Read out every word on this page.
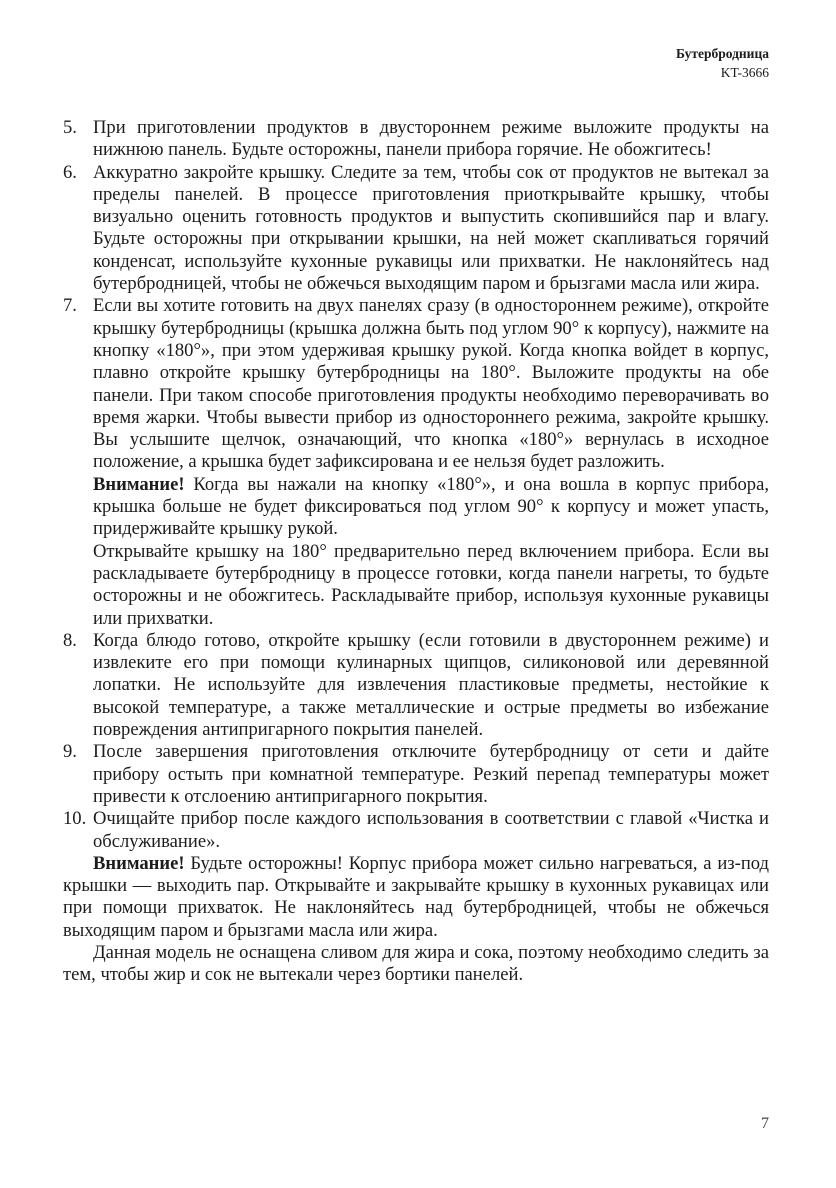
Бутербродница
KT-3666
5. При приготовлении продуктов в двустороннем режиме выложите продукты на нижнюю панель. Будьте осторожны, панели прибора горячие. Не обожгитесь!

6. Аккуратно закройте крышку. Следите за тем, чтобы сок от продуктов не вытекал за пределы панелей. В процессе приготовления приоткрывайте крышку, чтобы визуально оценить готовность продуктов и выпустить скопившийся пар и влагу. Будьте осторожны при открывании крышки, на ней может скапливаться горячий конденсат, используйте кухонные рукавицы или прихватки. Не наклоняйтесь над бутербродницей, чтобы не обжечься выходящим паром и брызгами масла или жира.

7. Если вы хотите готовить на двух панелях сразу (в одностороннем режиме), откройте крышку бутербродницы (крышка должна быть под углом 90° к корпусу), нажмите на кнопку «180°», при этом удерживая крышку рукой. Когда кнопка войдет в корпус, плавно откройте крышку бутербродницы на 180°. Выложите продукты на обе панели. При таком способе приготовления продукты необходимо переворачивать во время жарки. Чтобы вывести прибор из одностороннего режима, закройте крышку. Вы услышите щелчок, означающий, что кнопка «180°» вернулась в исходное положение, а крышка будет зафиксирована и ее нельзя будет разложить.

Внимание! Когда вы нажали на кнопку «180°», и она вошла в корпус прибора, крышка больше не будет фиксироваться под углом 90° к корпусу и может упасть, придерживайте крышку рукой.

Открывайте крышку на 180° предварительно перед включением прибора. Если вы раскладываете бутербродницу в процессе готовки, когда панели нагреты, то будьте осторожны и не обожгитесь. Раскладывайте прибор, используя кухонные рукавицы или прихватки.

8. Когда блюдо готово, откройте крышку (если готовили в двустороннем режиме) и извлеките его при помощи кулинарных щипцов, силиконовой или деревянной лопатки. Не используйте для извлечения пластиковые предметы, нестойкие к высокой температуре, а также металлические и острые предметы во избежание повреждения антипригарного покрытия панелей.

9. После завершения приготовления отключите бутербродницу от сети и дайте прибору остыть при комнатной температуре. Резкий перепад температуры может привести к отслоению антипригарного покрытия.

10. Очищайте прибор после каждого использования в соответствии с главой «Чистка и обслуживание».

Внимание! Будьте осторожны! Корпус прибора может сильно нагреваться, а из-под крышки — выходить пар. Открывайте и закрывайте крышку в кухонных рукавицах или при помощи прихваток. Не наклоняйтесь над бутербродницей, чтобы не обжечься выходящим паром и брызгами масла или жира.

Данная модель не оснащена сливом для жира и сока, поэтому необходимо следить за тем, чтобы жир и сок не вытекали через бортики панелей.

7
